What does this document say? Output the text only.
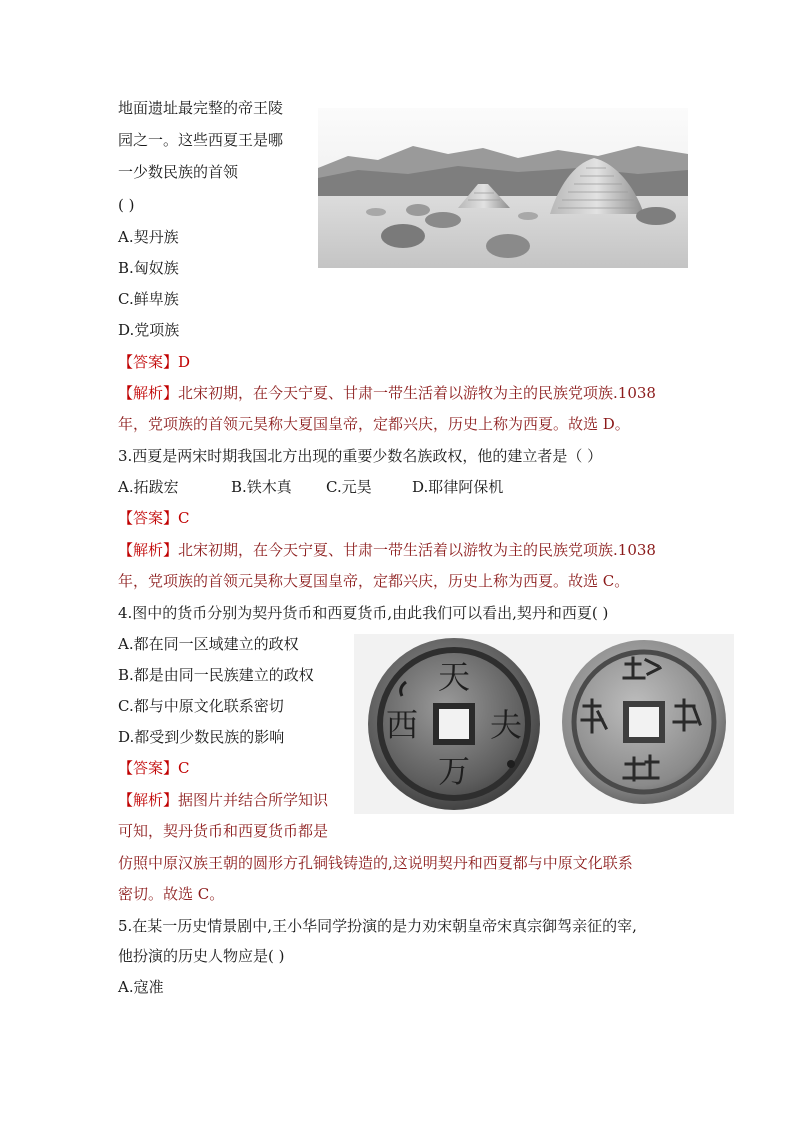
地面遗址最完整的帝王陵
园之一。这些西夏王是哪
一少数民族的首领
( )
A.契丹族
B.匈奴族
C.鲜卑族
D.党项族
【答案】D
【解析】北宋初期，在今天宁夏、甘肃一带生活着以游牧为主的民族党项族.1038
年，党项族的首领元昊称大夏国皇帝，定都兴庆，历史上称为西夏。故选 D。
3.西夏是两宋时期我国北方出现的重要少数名族政权，他的建立者是（ ）
A.拓跋宏	B.铁木真 C.元昊	D.耶律阿保机
【答案】C
【解析】北宋初期，在今天宁夏、甘肃一带生活着以游牧为主的民族党项族.1038
年，党项族的首领元昊称大夏国皇帝，定都兴庆，历史上称为西夏。故选 C。
4.图中的货币分别为契丹货币和西夏货币,由此我们可以看出,契丹和西夏( )
A.都在同一区域建立的政权
B.都是由同一民族建立的政权
C.都与中原文化联系密切
D.都受到少数民族的影响
天
万
西 夫
【答案】C
【解析】据图片并结合所学知识
可知，契丹货币和西夏货币都是
仿照中原汉族王朝的圆形方孔铜钱铸造的,这说明契丹和西夏都与中原文化联系
密切。故选 C。
5.在某一历史情景剧中,王小华同学扮演的是力劝宋朝皇帝宋真宗御驾亲征的宰,
他扮演的历史人物应是( )
A.寇准
